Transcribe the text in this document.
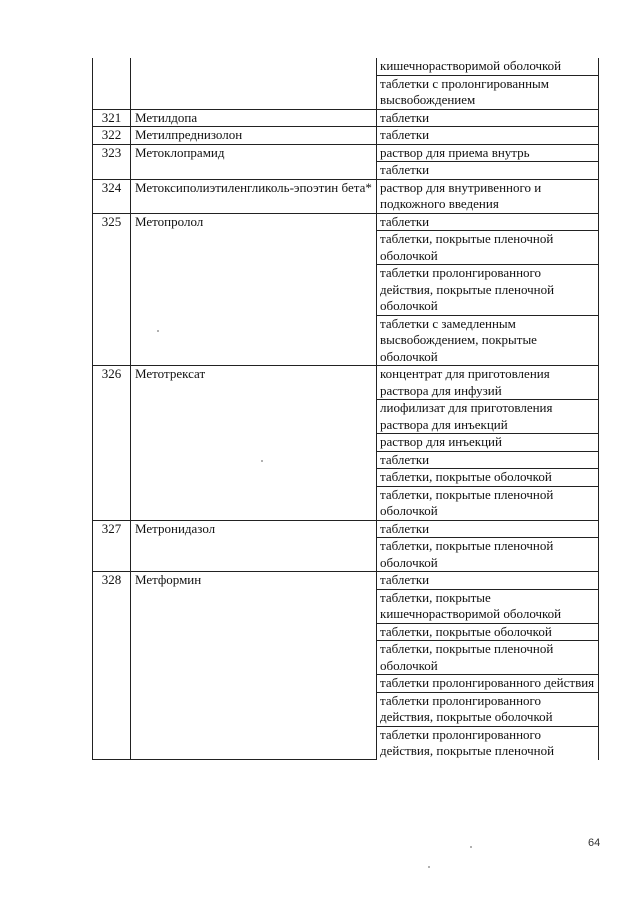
		кишечнорастворимой оболочкой
		таблетки с пролонгированным высвобождением
321	Метилдопа	таблетки
322	Метилпреднизолон	таблетки
323	Метоклопрамид	раствор для приема внутрь
		таблетки
324	Метоксиполиэтиленгликоль-эпоэтин бета*	раствор для внутривенного и подкожного введения
325	Метопролол	таблетки
		таблетки, покрытые пленочной оболочкой
		таблетки пролонгированного действия, покрытые пленочной оболочкой
		таблетки с замедленным высвобождением, покрытые оболочкой
326	Метотрексат	концентрат для приготовления раствора для инфузий
		лиофилизат для приготовления раствора для инъекций
		раствор для инъекций
		таблетки
		таблетки, покрытые оболочкой
		таблетки, покрытые пленочной оболочкой
327	Метронидазол	таблетки
		таблетки, покрытые пленочной оболочкой
328	Метформин	таблетки
		таблетки, покрытые кишечнорастворимой оболочкой
		таблетки, покрытые оболочкой
		таблетки, покрытые пленочной оболочкой
		таблетки пролонгированного действия
		таблетки пролонгированного действия, покрытые оболочкой
		таблетки пролонгированного действия, покрытые пленочной
64
